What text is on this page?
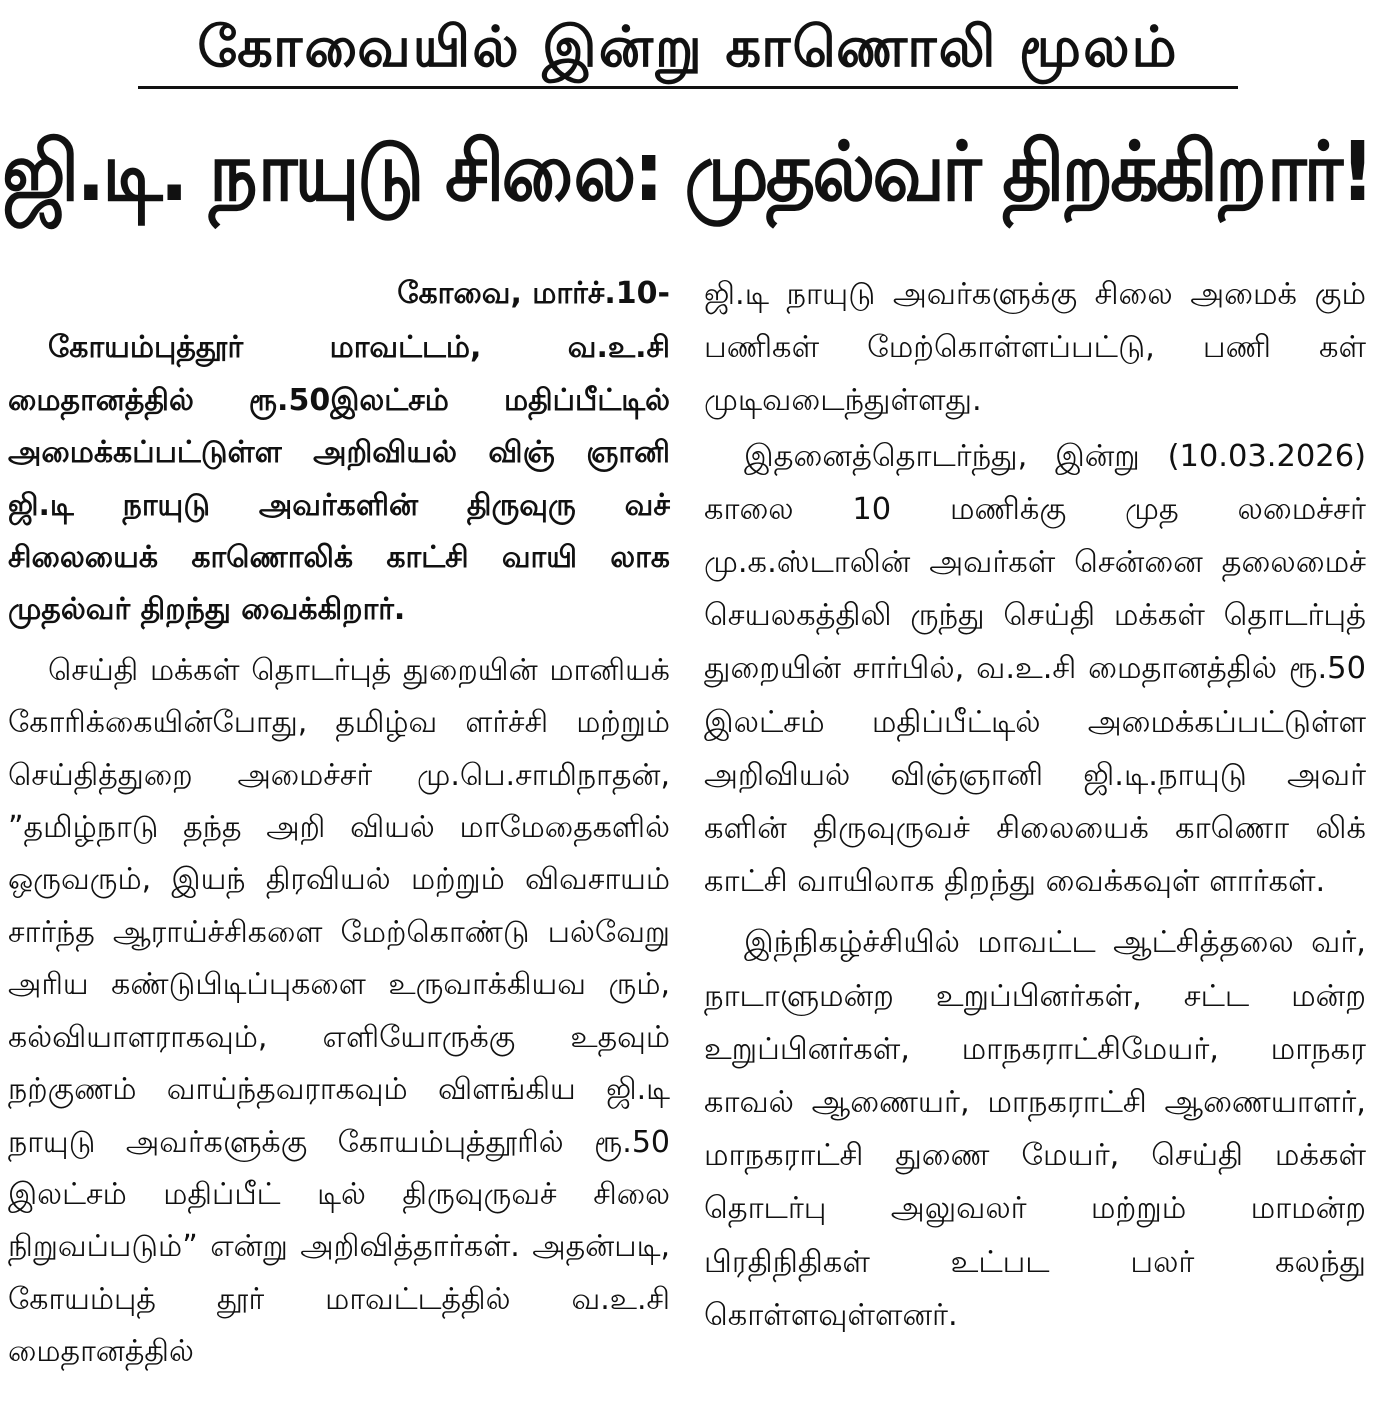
கோவையில் இன்று காணொலி மூலம்
ஜி.டி. நாயுடு சிலை: முதல்வர் திறக்கிறார்!

கோவை, மார்ச்.10-

கோயம்புத்தூர் மாவட்டம், வ.உ.சி மைதானத்தில் ரூ.50இலட்சம் மதிப்பீட்டில் அமைக்கப்பட்டுள்ள அறிவியல் விஞ் ஞானி ஜி.டி நாயுடு அவர்களின் திருவுரு வச் சிலையைக் காணொலிக் காட்சி வாயி லாக முதல்வர் திறந்து வைக்கிறார்.

செய்தி மக்கள் தொடர்புத் துறையின் மானியக் கோரிக்கையின்போது, தமிழ்வ ளர்ச்சி மற்றும் செய்தித்துறை அமைச்சர் மு.பெ.சாமிநாதன், ”தமிழ்நாடு தந்த அறி வியல் மாமேதைகளில் ஒருவரும், இயந் திரவியல் மற்றும் விவசாயம் சார்ந்த ஆராய்ச்சிகளை மேற்கொண்டு பல்வேறு அரிய கண்டுபிடிப்புகளை உருவாக்கியவ ரும், கல்வியாளராகவும், எளியோருக்கு உதவும் நற்குணம் வாய்ந்தவராகவும் விளங்கிய ஜி.டி நாயுடு அவர்களுக்கு கோயம்புத்தூரில் ரூ.50 இலட்சம் மதிப்பீட் டில் திருவுருவச் சிலை நிறுவப்படும்” என்று அறிவித்தார்கள். அதன்படி, கோயம்புத் தூர் மாவட்டத்தில் வ.உ.சி மைதானத்தில்

ஜி.டி நாயுடு அவர்களுக்கு சிலை அமைக் கும் பணிகள் மேற்கொள்ளப்பட்டு, பணி கள் முடிவடைந்துள்ளது.

இதனைத்தொடர்ந்து, இன்று (10.03.2026) காலை 10 மணிக்கு முத லமைச்சர் மு.க.ஸ்டாலின் அவர்கள் சென்னை தலைமைச் செயலகத்திலி ருந்து செய்தி மக்கள் தொடர்புத் துறையின் சார்பில், வ.உ.சி மைதானத்தில் ரூ.50 இலட்சம் மதிப்பீட்டில் அமைக்கப்பட்டுள்ள அறிவியல் விஞ்ஞானி ஜி.டி.நாயுடு அவர் களின் திருவுருவச் சிலையைக் காணொ லிக் காட்சி வாயிலாக திறந்து வைக்கவுள் ளார்கள்.

இந்நிகழ்ச்சியில் மாவட்ட ஆட்சித்தலை வர், நாடாளுமன்ற உறுப்பினர்கள், சட்ட மன்ற உறுப்பினர்கள், மாநகராட்சிமேயர், மாநகர காவல் ஆணையர், மாநகராட்சி ஆணையாளர், மாநகராட்சி துணை மேயர், செய்தி மக்கள் தொடர்பு அலுவலர் மற்றும் மாமன்ற பிரதிநிதிகள் உட்பட பலர் கலந்து கொள்ளவுள்ளனர்.
